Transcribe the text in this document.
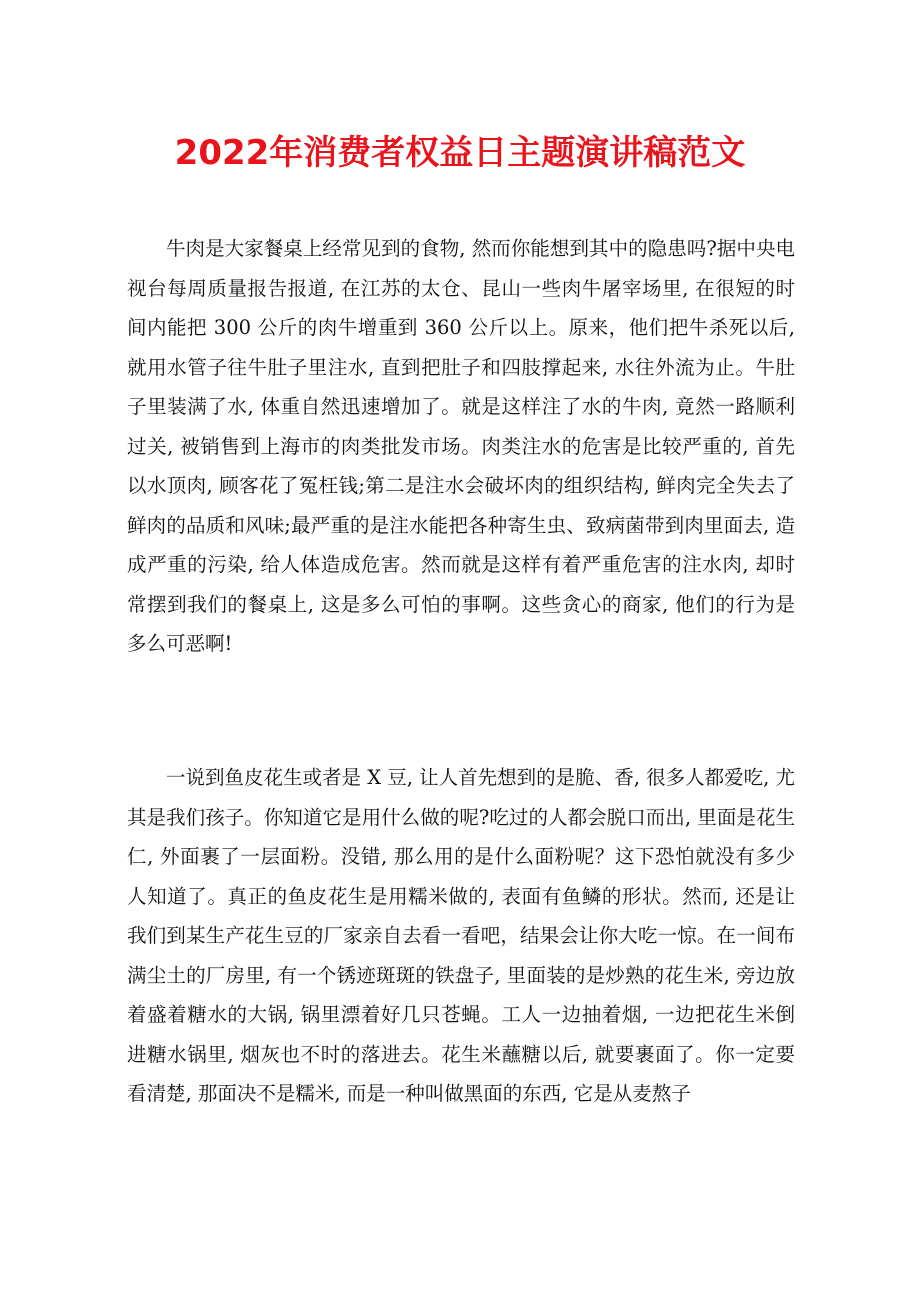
2022年消费者权益日主题演讲稿范文

牛肉是大家餐桌上经常见到的食物, 然而你能想到其中的隐患吗?据中央电视台每周质量报告报道, 在江苏的太仓、昆山一些肉牛屠宰场里, 在很短的时间内能把 300 公斤的肉牛增重到 360 公斤以上。原来，他们把牛杀死以后, 就用水管子往牛肚子里注水, 直到把肚子和四肢撑起来, 水往外流为止。牛肚子里装满了水, 体重自然迅速增加了。就是这样注了水的牛肉, 竟然一路顺利过关, 被销售到上海市的肉类批发市场。肉类注水的危害是比较严重的, 首先以水顶肉, 顾客花了冤枉钱;第二是注水会破坏肉的组织结构, 鲜肉完全失去了鲜肉的品质和风味;最严重的是注水能把各种寄生虫、致病菌带到肉里面去, 造成严重的污染, 给人体造成危害。然而就是这样有着严重危害的注水肉, 却时常摆到我们的餐桌上, 这是多么可怕的事啊。这些贪心的商家, 他们的行为是多么可恶啊!

一说到鱼皮花生或者是 X 豆, 让人首先想到的是脆、香, 很多人都爱吃, 尤其是我们孩子。你知道它是用什么做的呢?吃过的人都会脱口而出, 里面是花生仁, 外面裹了一层面粉。没错, 那么用的是什么面粉呢？这下恐怕就没有多少人知道了。真正的鱼皮花生是用糯米做的, 表面有鱼鳞的形状。然而, 还是让我们到某生产花生豆的厂家亲自去看一看吧，结果会让你大吃一惊。在一间布满尘土的厂房里, 有一个锈迹斑斑的铁盘子, 里面装的是炒熟的花生米, 旁边放着盛着糖水的大锅, 锅里漂着好几只苍蝇。工人一边抽着烟, 一边把花生米倒进糖水锅里, 烟灰也不时的落进去。花生米蘸糖以后, 就要裹面了。你一定要看清楚, 那面决不是糯米, 而是一种叫做黑面的东西, 它是从麦熬子
